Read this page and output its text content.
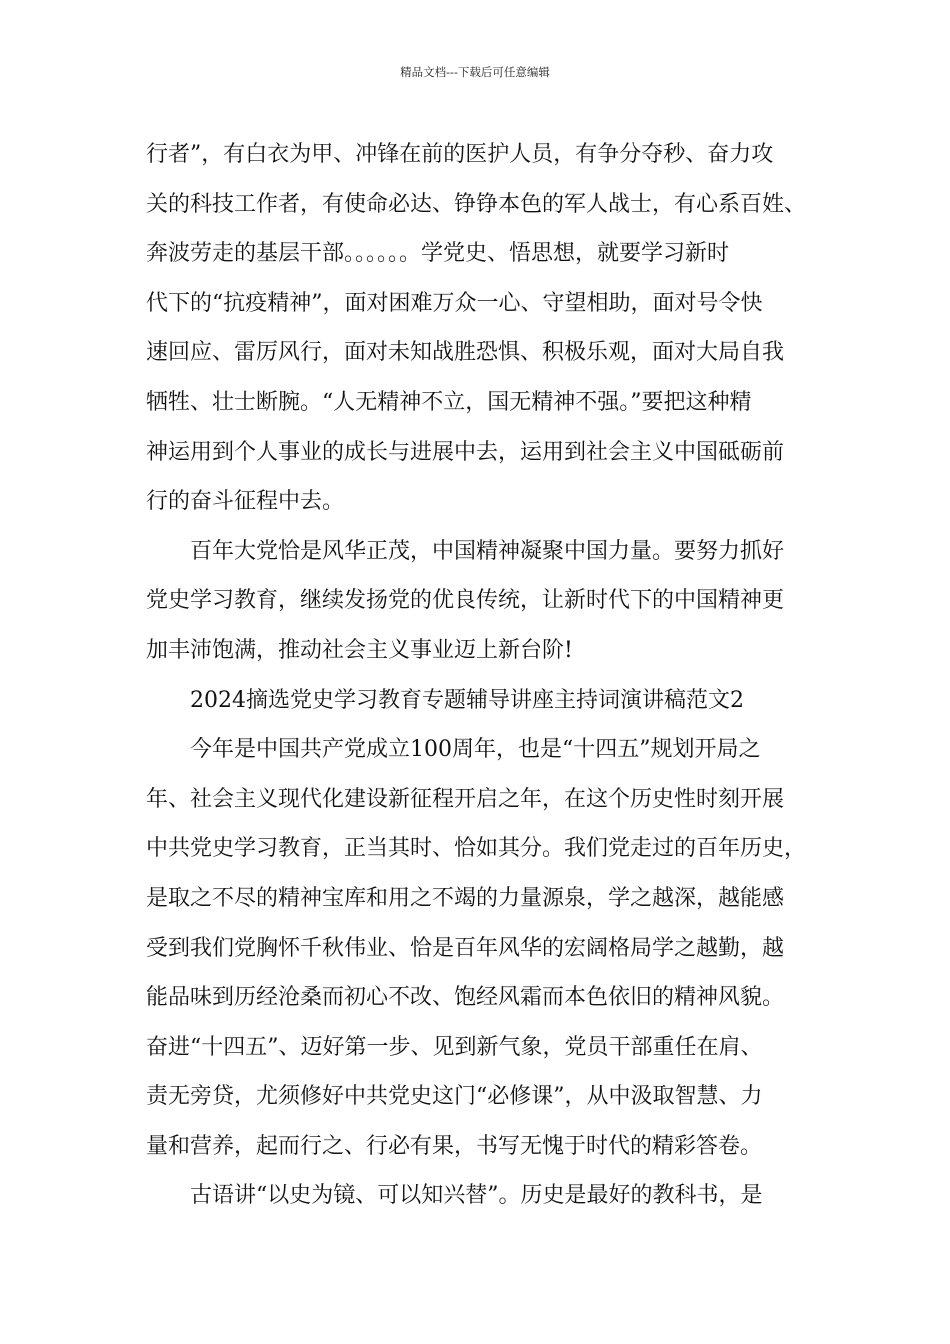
精品文档---下载后可任意编辑

行者”，有白衣为甲、冲锋在前的医护人员，有争分夺秒、奋力攻

关的科技工作者，有使命必达、铮铮本色的军人战士，有心系百姓、

奔波劳走的基层干部。。。。。。学党史、悟思想，就要学习新时

代下的“抗疫精神”，面对困难万众一心、守望相助，面对号令快

速回应、雷厉风行，面对未知战胜恐惧、积极乐观，面对大局自我

牺牲、壮士断腕。“人无精神不立，国无精神不强。”要把这种精

神运用到个人事业的成长与进展中去，运用到社会主义中国砥砺前

行的奋斗征程中去。

百年大党恰是风华正茂，中国精神凝聚中国力量。要努力抓好

党史学习教育，继续发扬党的优良传统，让新时代下的中国精神更

加丰沛饱满，推动社会主义事业迈上新台阶!

2024摘选党史学习教育专题辅导讲座主持词演讲稿范文2

今年是中国共产党成立100周年，也是“十四五”规划开局之

年、社会主义现代化建设新征程开启之年，在这个历史性时刻开展

中共党史学习教育，正当其时、恰如其分。我们党走过的百年历史，

是取之不尽的精神宝库和用之不竭的力量源泉，学之越深，越能感

受到我们党胸怀千秋伟业、恰是百年风华的宏阔格局学之越勤，越

能品味到历经沧桑而初心不改、饱经风霜而本色依旧的精神风貌。

奋进“十四五”、迈好第一步、见到新气象，党员干部重任在肩、

责无旁贷，尤须修好中共党史这门“必修课”，从中汲取智慧、力

量和营养，起而行之、行必有果，书写无愧于时代的精彩答卷。

古语讲“以史为镜、可以知兴替”。历史是最好的教科书，是
